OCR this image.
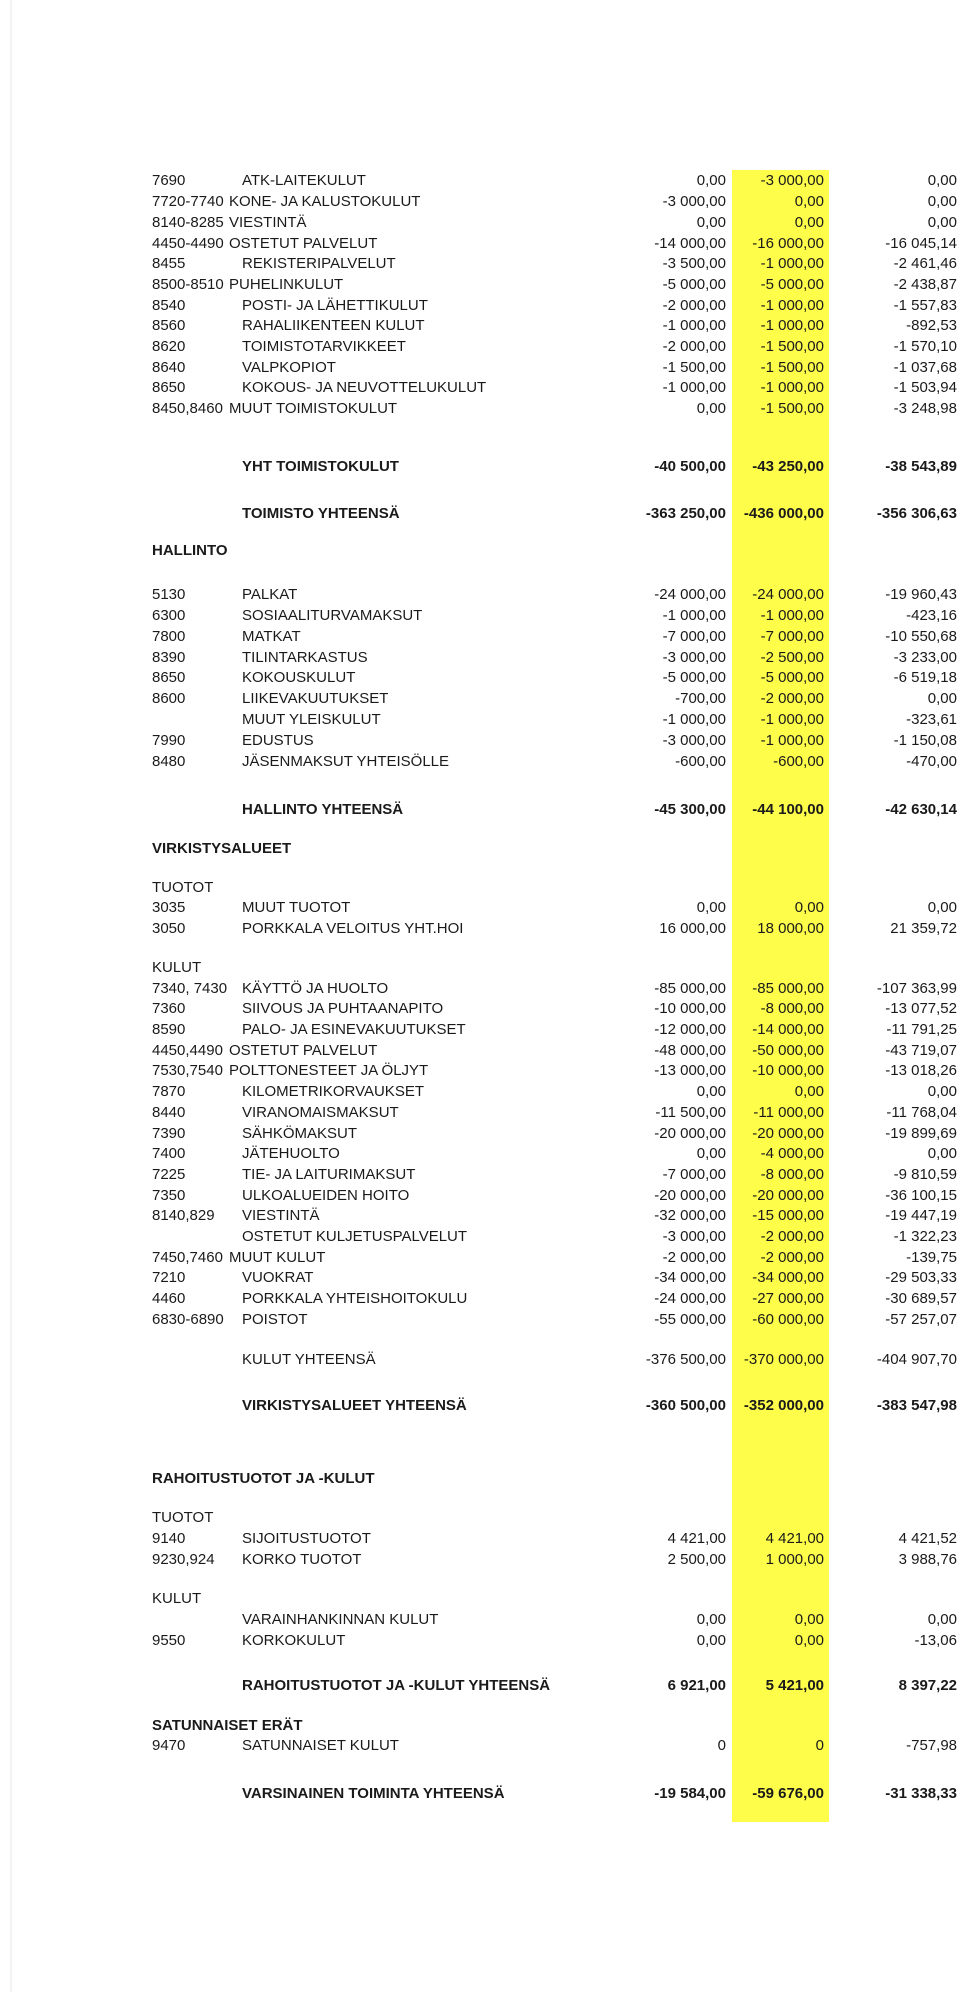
7690	ATK-LAITEKULUT	0,00	-3 000,00	0,00
7720-7740 KONE- JA KALUSTOKULUT	-3 000,00	0,00	0,00
8140-8285 VIESTINTÄ	0,00	0,00	0,00
4450-4490 OSTETUT PALVELUT	-14 000,00	-16 000,00	-16 045,14
8455	REKISTERIPALVELUT	-3 500,00	-1 000,00	-2 461,46
8500-8510 PUHELINKULUT	-5 000,00	-5 000,00	-2 438,87
8540	POSTI- JA LÄHETTIKULUT	-2 000,00	-1 000,00	-1 557,83
8560	RAHALIIKENTEEN KULUT	-1 000,00	-1 000,00	-892,53
8620	TOIMISTOTARVIKKEET	-2 000,00	-1 500,00	-1 570,10
8640	VALPKOPIOT	-1 500,00	-1 500,00	-1 037,68
8650	KOKOUS- JA NEUVOTTELUKULUT	-1 000,00	-1 000,00	-1 503,94
8450,8460 MUUT TOIMISTOKULUT	0,00	-1 500,00	-3 248,98
YHT TOIMISTOKULUT	-40 500,00	-43 250,00	-38 543,89
TOIMISTO YHTEENSÄ	-363 250,00	-436 000,00	-356 306,63
HALLINTO
5130	PALKAT	-24 000,00	-24 000,00	-19 960,43
6300	SOSIAALITURVAMAKSUT	-1 000,00	-1 000,00	-423,16
7800	MATKAT	-7 000,00	-7 000,00	-10 550,68
8390	TILINTARKASTUS	-3 000,00	-2 500,00	-3 233,00
8650	KOKOUSKULUT	-5 000,00	-5 000,00	-6 519,18
8600	LIIKEVAKUUTUKSET	-700,00	-2 000,00	0,00
MUUT YLEISKULUT	-1 000,00	-1 000,00	-323,61
7990	EDUSTUS	-3 000,00	-1 000,00	-1 150,08
8480	JÄSENMAKSUT YHTEISÖLLE	-600,00	-600,00	-470,00
HALLINTO YHTEENSÄ	-45 300,00	-44 100,00	-42 630,14
VIRKISTYSALUEET
TUOTOT
3035	MUUT TUOTOT	0,00	0,00	0,00
3050	PORKKALA VELOITUS YHT.HOI	16 000,00	18 000,00	21 359,72
KULUT
7340, 7430 KÄYTTÖ JA HUOLTO	-85 000,00	-85 000,00	-107 363,99
7360	SIIVOUS JA PUHTAANAPITO	-10 000,00	-8 000,00	-13 077,52
8590	PALO- JA ESINEVAKUUTUKSET	-12 000,00	-14 000,00	-11 791,25
4450,4490 OSTETUT PALVELUT	-48 000,00	-50 000,00	-43 719,07
7530,7540 POLTTONESTEET JA ÖLJYT	-13 000,00	-10 000,00	-13 018,26
7870	KILOMETRIKORVAUKSET	0,00	0,00	0,00
8440	VIRANOMAISMAKSUT	-11 500,00	-11 000,00	-11 768,04
7390	SÄHKÖMAKSUT	-20 000,00	-20 000,00	-19 899,69
7400	JÄTEHUOLTO	0,00	-4 000,00	0,00
7225	TIE- JA LAITURIMAKSUT	-7 000,00	-8 000,00	-9 810,59
7350	ULKOALUEIDEN HOITO	-20 000,00	-20 000,00	-36 100,15
8140,829 VIESTINTÄ	-32 000,00	-15 000,00	-19 447,19
OSTETUT KULJETUSPALVELUT	-3 000,00	-2 000,00	-1 322,23
7450,7460 MUUT KULUT	-2 000,00	-2 000,00	-139,75
7210	VUOKRAT	-34 000,00	-34 000,00	-29 503,33
4460	PORKKALA YHTEISHOITOKULU	-24 000,00	-27 000,00	-30 689,57
6830-6890 POISTOT	-55 000,00	-60 000,00	-57 257,07
KULUT YHTEENSÄ	-376 500,00	-370 000,00	-404 907,70
VIRKISTYSALUEET YHTEENSÄ	-360 500,00	-352 000,00	-383 547,98
RAHOITUSTUOTOT JA -KULUT
TUOTOT
9140	SIJOITUSTUOTOT	4 421,00	4 421,00	4 421,52
9230,924 KORKO TUOTOT	2 500,00	1 000,00	3 988,76
KULUT
VARAINHANKINNAN KULUT	0,00	0,00	0,00
9550	KORKOKULUT	0,00	0,00	-13,06
RAHOITUSTUOTOT JA -KULUT YHTEENSÄ	6 921,00	5 421,00	8 397,22
SATUNNAISET ERÄT
9470	SATUNNAISET KULUT	0	0	-757,98
VARSINAINEN TOIMINTA YHTEENSÄ	-19 584,00	-59 676,00	-31 338,33
